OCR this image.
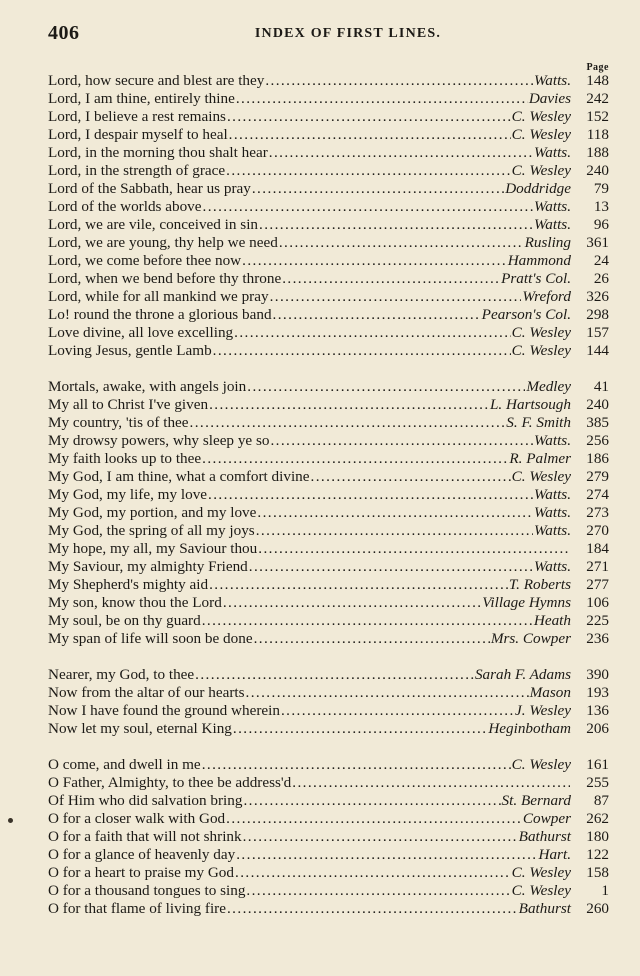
406	INDEX OF FIRST LINES.
Page
Lord, how secure and blest are they . . .	Watts.	148
Lord, I am thine, entirely thine . . .	Davies	242
Lord, I believe a rest remains . . .	C. Wesley	152
Lord, I despair myself to heal . . .	C. Wesley	118
Lord, in the morning thou shalt hear . . .	Watts.	188
Lord, in the strength of grace . . .	C. Wesley	240
Lord of the Sabbath, hear us pray . . .	Doddridge	79
Lord of the worlds above . . .	Watts.	13
Lord, we are vile, conceived in sin . . .	Watts.	96
Lord, we are young, thy help we need . . .	Rusling	361
Lord, we come before thee now . . .	Hammond	24
Lord, when we bend before thy throne . . .	Pratt's Col.	26
Lord, while for all mankind we pray . . .	Wreford	326
Lo! round the throne a glorious band . . .	Pearson's Col.	298
Love divine, all love excelling . . .	C. Wesley	157
Loving Jesus, gentle Lamb . . .	C. Wesley	144
Mortals, awake, with angels join . . .	Medley	41
My all to Christ I've given . . .	L. Hartsough	240
My country, 'tis of thee . . .	S. F. Smith	385
My drowsy powers, why sleep ye so . . .	Watts.	256
My faith looks up to thee . . .	R. Palmer	186
My God, I am thine, what a comfort divine . . .	C. Wesley	279
My God, my life, my love . . .	Watts.	274
My God, my portion, and my love . . .	Watts.	273
My God, the spring of all my joys . . .	Watts.	270
My hope, my all, my Saviour thou . . .	184
My Saviour, my almighty Friend . . .	Watts.	271
My Shepherd's mighty aid . . .	T. Roberts	277
My son, know thou the Lord . . .	Village Hymns	106
My soul, be on thy guard . . .	Heath	225
My span of life will soon be done . . .	Mrs. Cowper	236
Nearer, my God, to thee . . .	Sarah F. Adams	390
Now from the altar of our hearts . . .	Mason	193
Now I have found the ground wherein . . .	J. Wesley	136
Now let my soul, eternal King . . .	Heginbotham	206
O come, and dwell in me . . .	C. Wesley	161
O Father, Almighty, to thee be address'd . . .	255
Of Him who did salvation bring . . .	St. Bernard	87
O for a closer walk with God . . .	Cowper	262
O for a faith that will not shrink . . .	Bathurst	180
O for a glance of heavenly day . . .	Hart.	122
O for a heart to praise my God . . .	C. Wesley	158
O for a thousand tongues to sing . . .	C. Wesley	1
O for that flame of living fire . . .	Bathurst	260
